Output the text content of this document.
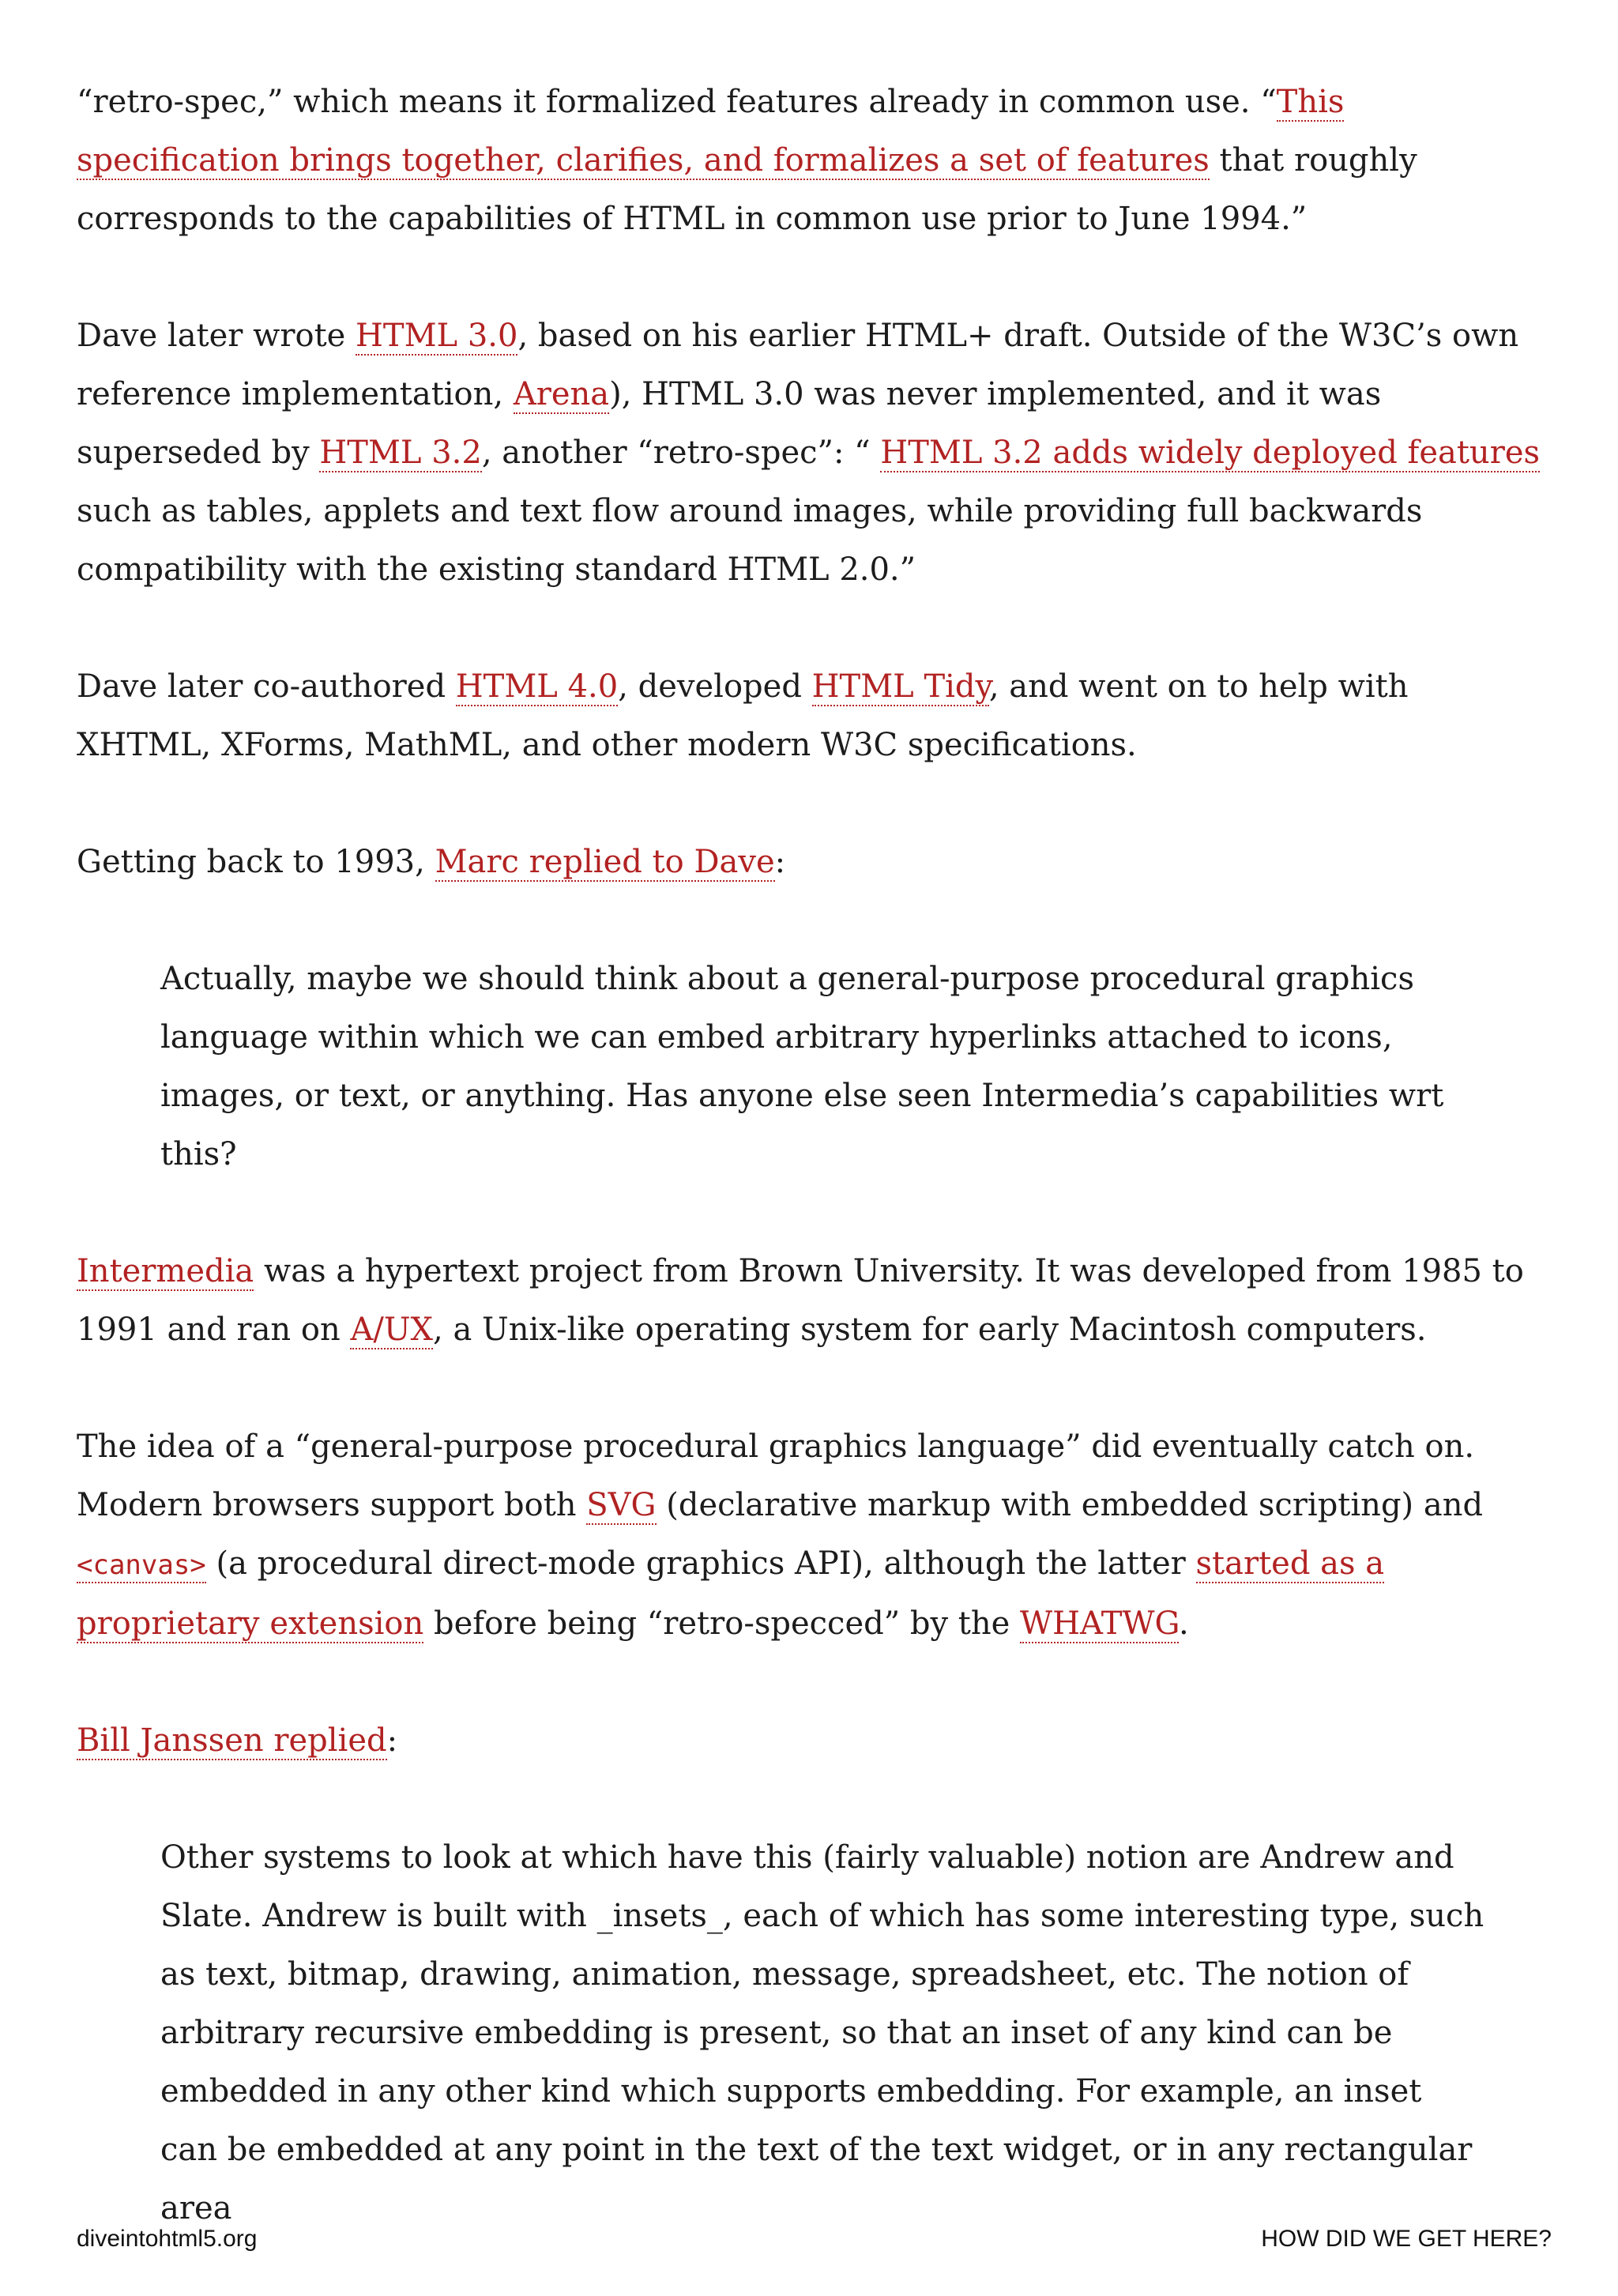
“retro-spec,” which means it formalized features already in common use. “This specification brings together, clarifies, and formalizes a set of features that roughly corresponds to the capabilities of HTML in common use prior to June 1994.”

Dave later wrote HTML 3.0, based on his earlier HTML+ draft. Outside of the W3C’s own reference implementation, Arena), HTML 3.0 was never implemented, and it was superseded by HTML 3.2, another “retro-spec”: “ HTML 3.2 adds widely deployed features such as tables, applets and text flow around images, while providing full backwards compatibility with the existing standard HTML 2.0.”

Dave later co-authored HTML 4.0, developed HTML Tidy, and went on to help with XHTML, XForms, MathML, and other modern W3C specifications.

Getting back to 1993, Marc replied to Dave:

Actually, maybe we should think about a general-purpose procedural graphics language within which we can embed arbitrary hyperlinks attached to icons, images, or text, or anything. Has anyone else seen Intermedia’s capabilities wrt this?

Intermedia was a hypertext project from Brown University. It was developed from 1985 to 1991 and ran on A/UX, a Unix-like operating system for early Macintosh computers.

The idea of a “general-purpose procedural graphics language” did eventually catch on. Modern browsers support both SVG (declarative markup with embedded scripting) and <canvas> (a procedural direct-mode graphics API), although the latter started as a proprietary extension before being “retro-specced” by the WHATWG.

Bill Janssen replied:

Other systems to look at which have this (fairly valuable) notion are Andrew and Slate. Andrew is built with _insets_, each of which has some interesting type, such as text, bitmap, drawing, animation, message, spreadsheet, etc. The notion of arbitrary recursive embedding is present, so that an inset of any kind can be embedded in any other kind which supports embedding. For example, an inset can be embedded at any point in the text of the text widget, or in any rectangular area

diveintohtml5.org	HOW DID WE GET HERE?
